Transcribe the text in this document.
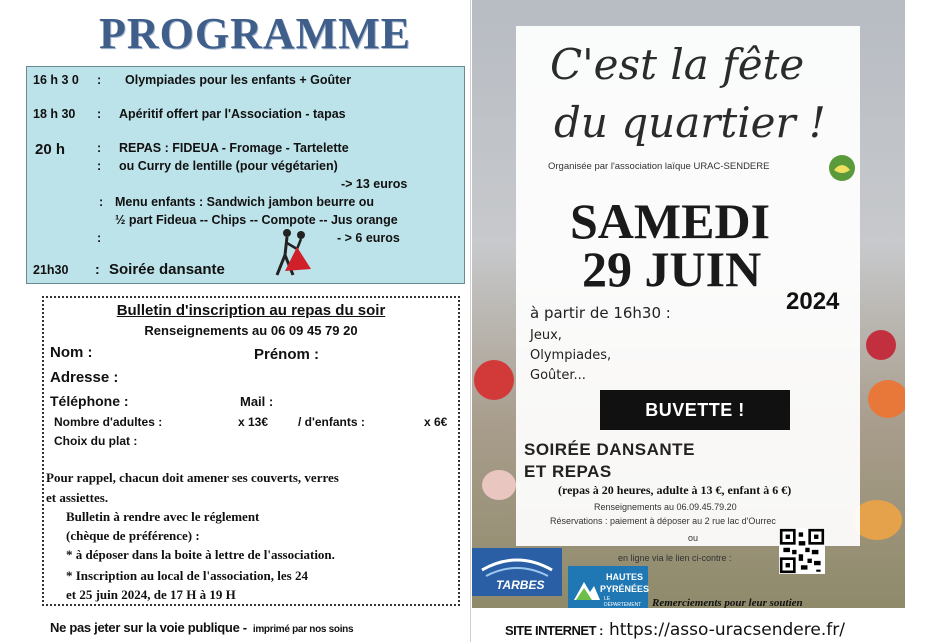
PROGRAMME
16 h 3 0 : Olympiades pour les enfants + Goûter
18 h 30 : Apéritif offert par l'Association - tapas
20 h	: REPAS : FIDEUA - Fromage - Tartelette
: ou Curry de lentille (pour végétarien)
-> 13 euros
: Menu enfants : Sandwich jambon beurre ou
½ part Fideua -- Chips -- Compote -- Jus orange
:	- > 6 euros
21h30 : Soirée dansante
Bulletin d'inscription au repas du soir
Renseignements au 06 09 45 79 20
Nom :	Prénom :
Adresse :
Téléphone :	Mail :
Nombre d'adultes :	x 13€ / d'enfants :	x 6€
Choix du plat :
Pour rappel, chacun doit amener ses couverts, verres
et assiettes.
Bulletin à rendre avec le réglement
(chèque de préférence) :
* à déposer dans la boite à lettre de l'association.
* Inscription au local de l'association, les 24
et 25 juin 2024, de 17 H à 19 H
Ne pas jeter sur la voie publique - imprimé par nos soins
C'est la fête
du quartier !
Organisée par l'association laïque URAC-SENDERE
SAMEDI
29 JUIN
2024
à partir de 16h30 :
Jeux,
Olympiades,
Goûter...
BUVETTE !
SOIRÉE DANSANTE
ET REPAS
(repas à 20 heures, adulte à 13 €, enfant à 6 €)
Renseignements au 06.09.45.79.20
Réservations : paiement à déposer au 2 rue lac d'Ourrec
ou
en ligne via le lien ci-contre :
TARBES
HAUTES
PYRÉNÉES
LE DÉPARTEMENT Remerciements pour leur soutien
SITE INTERNET : https://asso-uracsendere.fr/
